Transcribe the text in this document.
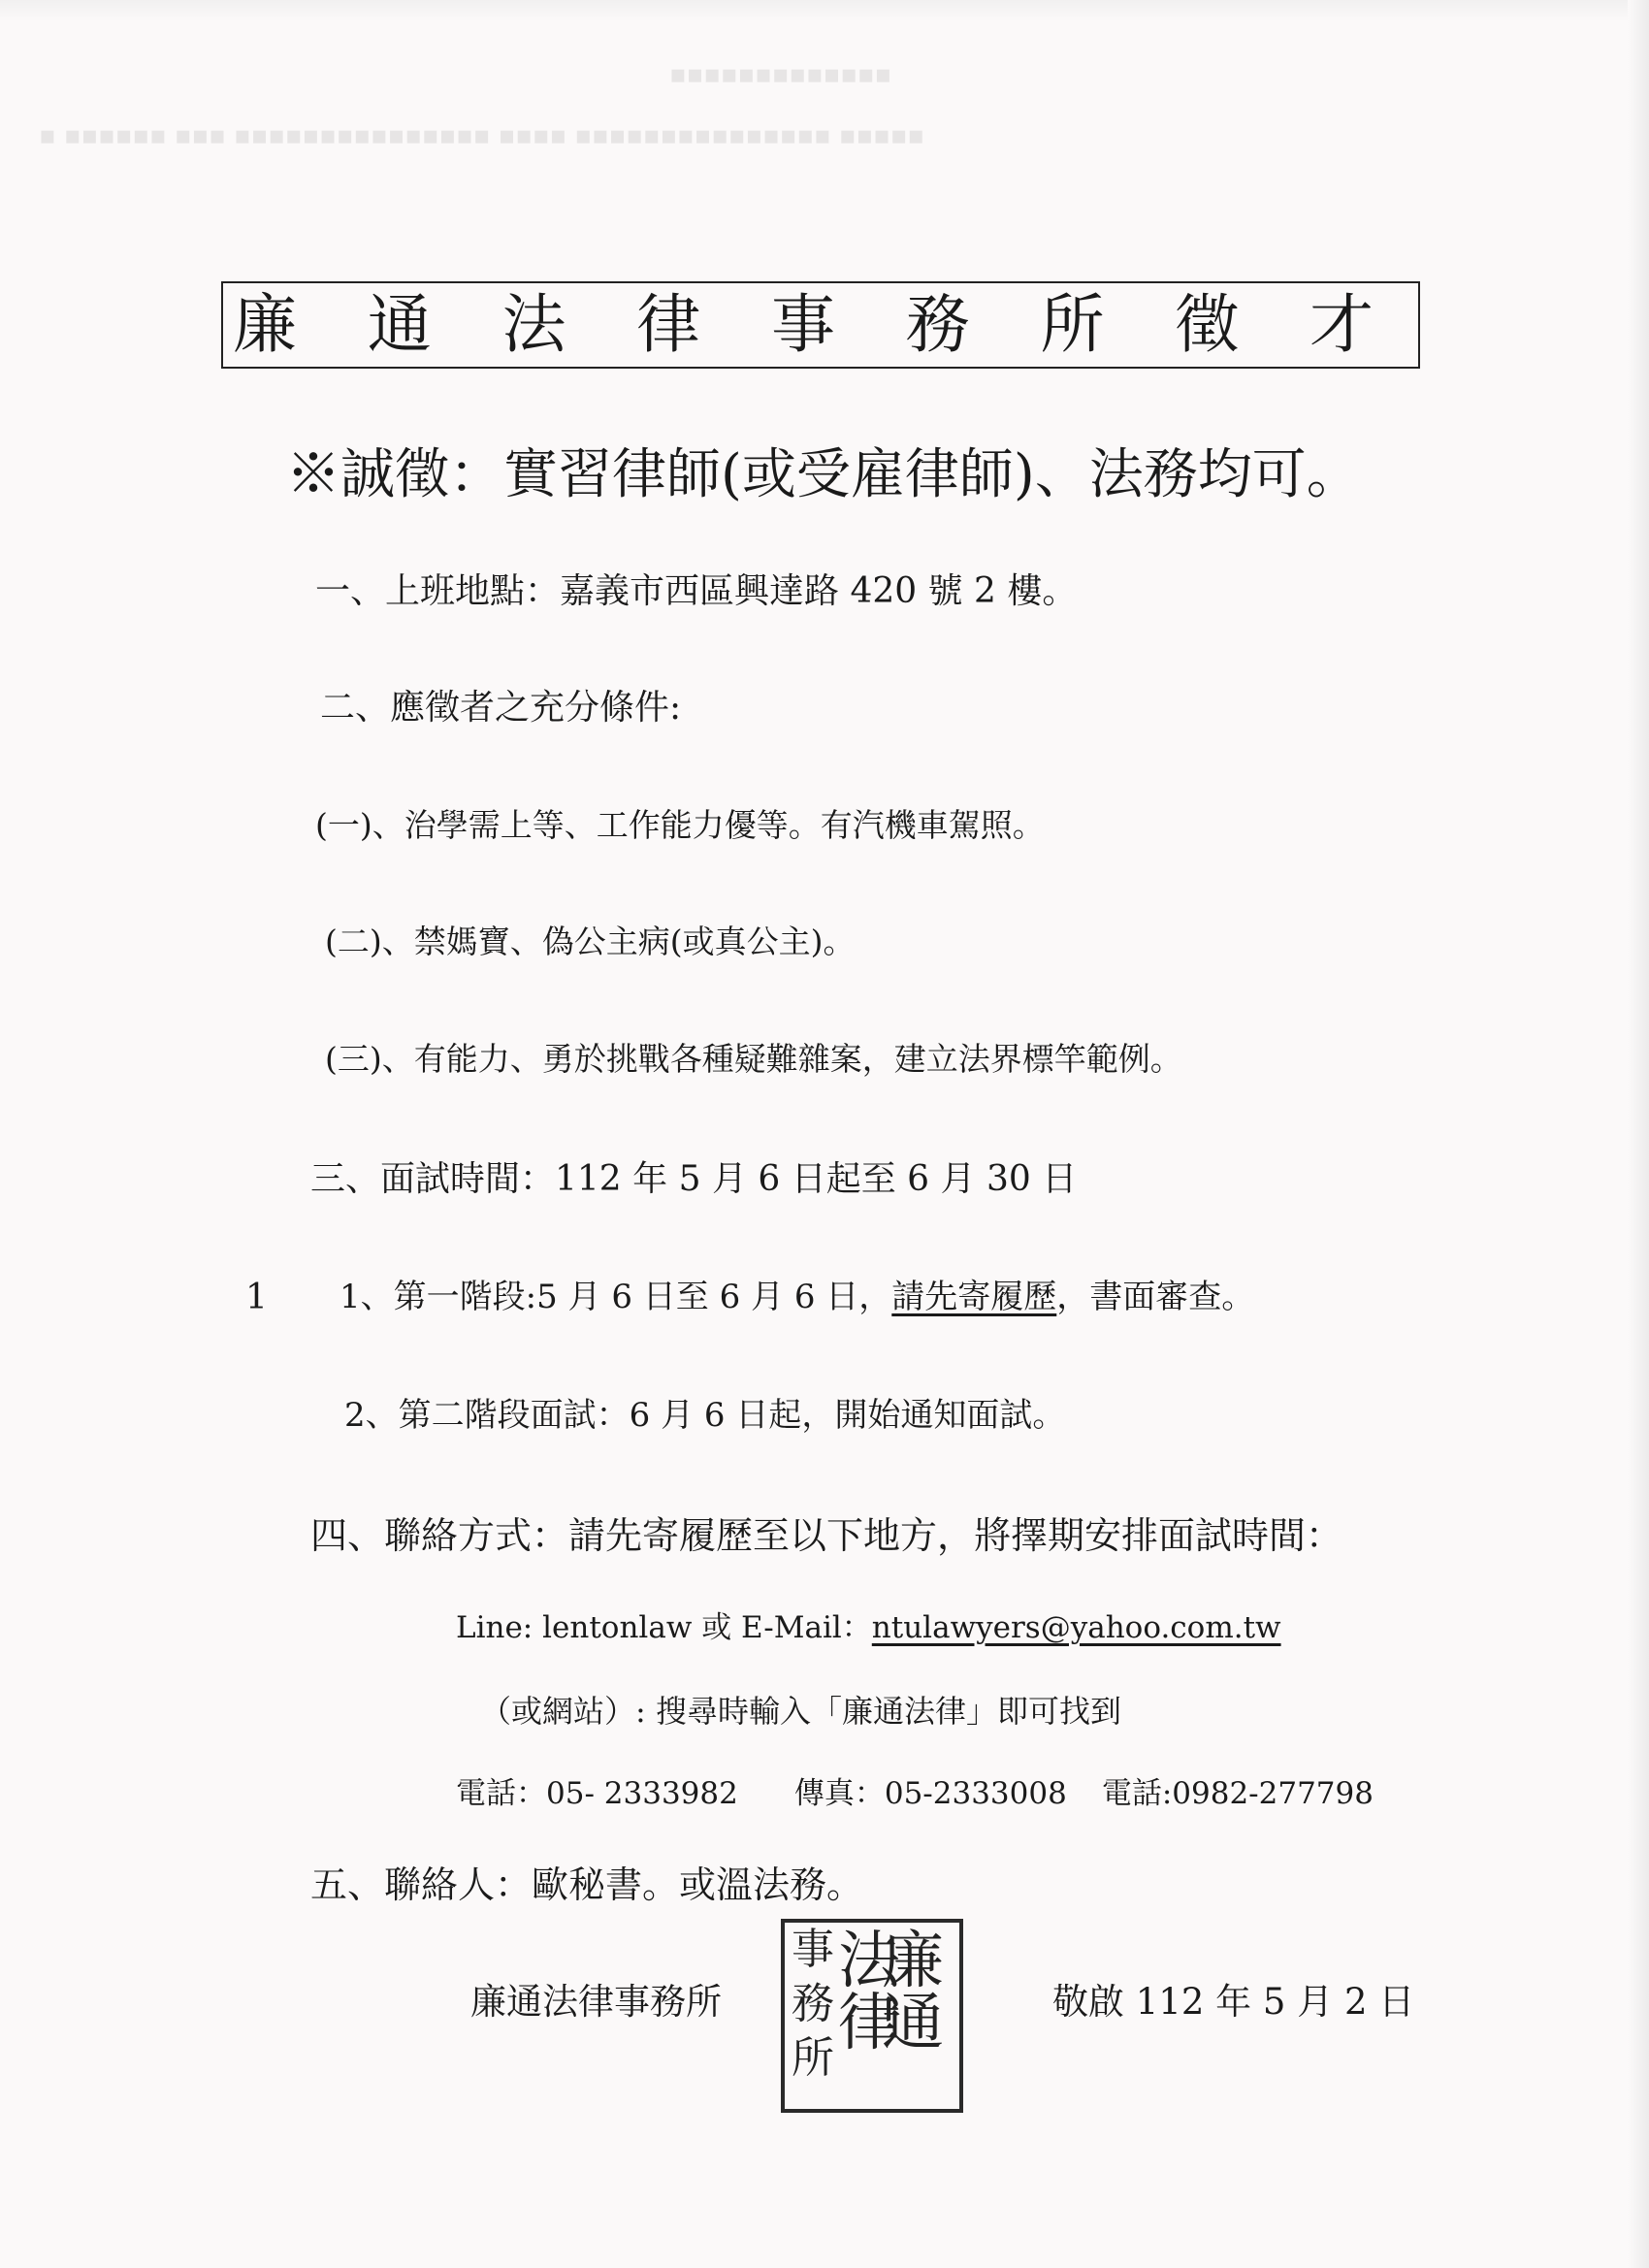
▪▪▪▪▪▪▪▪▪▪▪▪▪
▪ ▪▪▪▪▪▪ ▪▪▪ ▪▪▪▪▪▪▪▪▪▪▪▪▪▪▪ ▪▪▪▪ ▪▪▪▪▪▪▪▪▪▪▪▪▪▪▪ ▪▪▪▪▪
廉 通 法 律 事 務 所 徵 才
※誠徵：實習律師(或受雇律師)、法務均可。
一、上班地點：嘉義市西區興達路 420 號 2 樓。
二、應徵者之充分條件:
(一)、治學需上等、工作能力優等。有汽機車駕照。
(二)、禁媽寶、偽公主病(或真公主)。
(三)、有能力、勇於挑戰各種疑難雜案，建立法界標竿範例。
三、面試時間：112 年 5 月 6 日起至 6 月 30 日
1 1、第一階段:5 月 6 日至 6 月 6 日，請先寄履歷，書面審查。
2、第二階段面試：6 月 6 日起，開始通知面試。
四、聯絡方式：請先寄履歷至以下地方，將擇期安排面試時間：
Line: lentonlaw 或 E-Mail：ntulawyers@yahoo.com.tw
（或網站）: 搜尋時輸入「廉通法律」即可找到
電話：05- 2333982 傳真：05-2333008 電話:0982-277798
五、聯絡人：歐秘書。或溫法務。
廉通法律事務所	敬啟 112 年 5 月 2 日
廉
通
法
律
事
務
所
